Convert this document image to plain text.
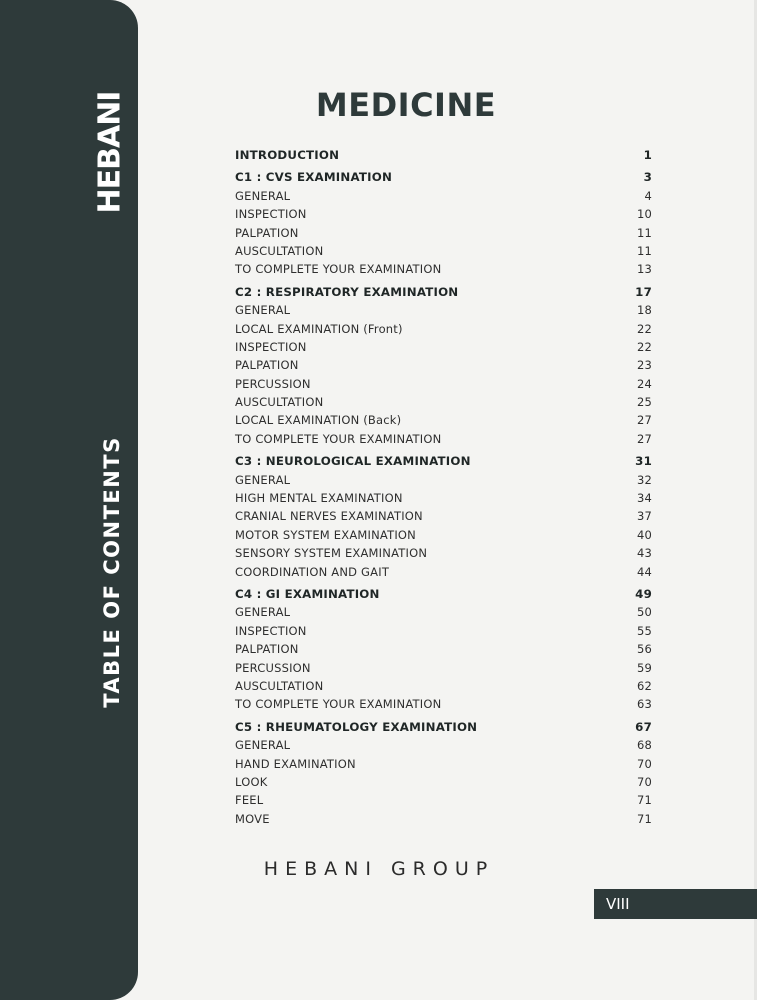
HEBANI
TABLE OF CONTENTS
MEDICINE
INTRODUCTION	1
C1 : CVS EXAMINATION	3
GENERAL	4
INSPECTION	10
PALPATION	11
AUSCULTATION	11
TO COMPLETE YOUR EXAMINATION	13
C2 : RESPIRATORY EXAMINATION	17
GENERAL	18
LOCAL EXAMINATION (Front)	22
INSPECTION	22
PALPATION	23
PERCUSSION	24
AUSCULTATION	25
LOCAL EXAMINATION (Back)	27
TO COMPLETE YOUR EXAMINATION	27
C3 : NEUROLOGICAL EXAMINATION	31
GENERAL	32
HIGH MENTAL EXAMINATION	34
CRANIAL NERVES EXAMINATION	37
MOTOR SYSTEM EXAMINATION	40
SENSORY SYSTEM EXAMINATION	43
COORDINATION AND GAIT	44
C4 : GI EXAMINATION	49
GENERAL	50
INSPECTION	55
PALPATION	56
PERCUSSION	59
AUSCULTATION	62
TO COMPLETE YOUR EXAMINATION	63
C5 : RHEUMATOLOGY EXAMINATION	67
GENERAL	68
HAND EXAMINATION	70
LOOK	70
FEEL	71
MOVE	71
HEBANI GROUP
VIII
